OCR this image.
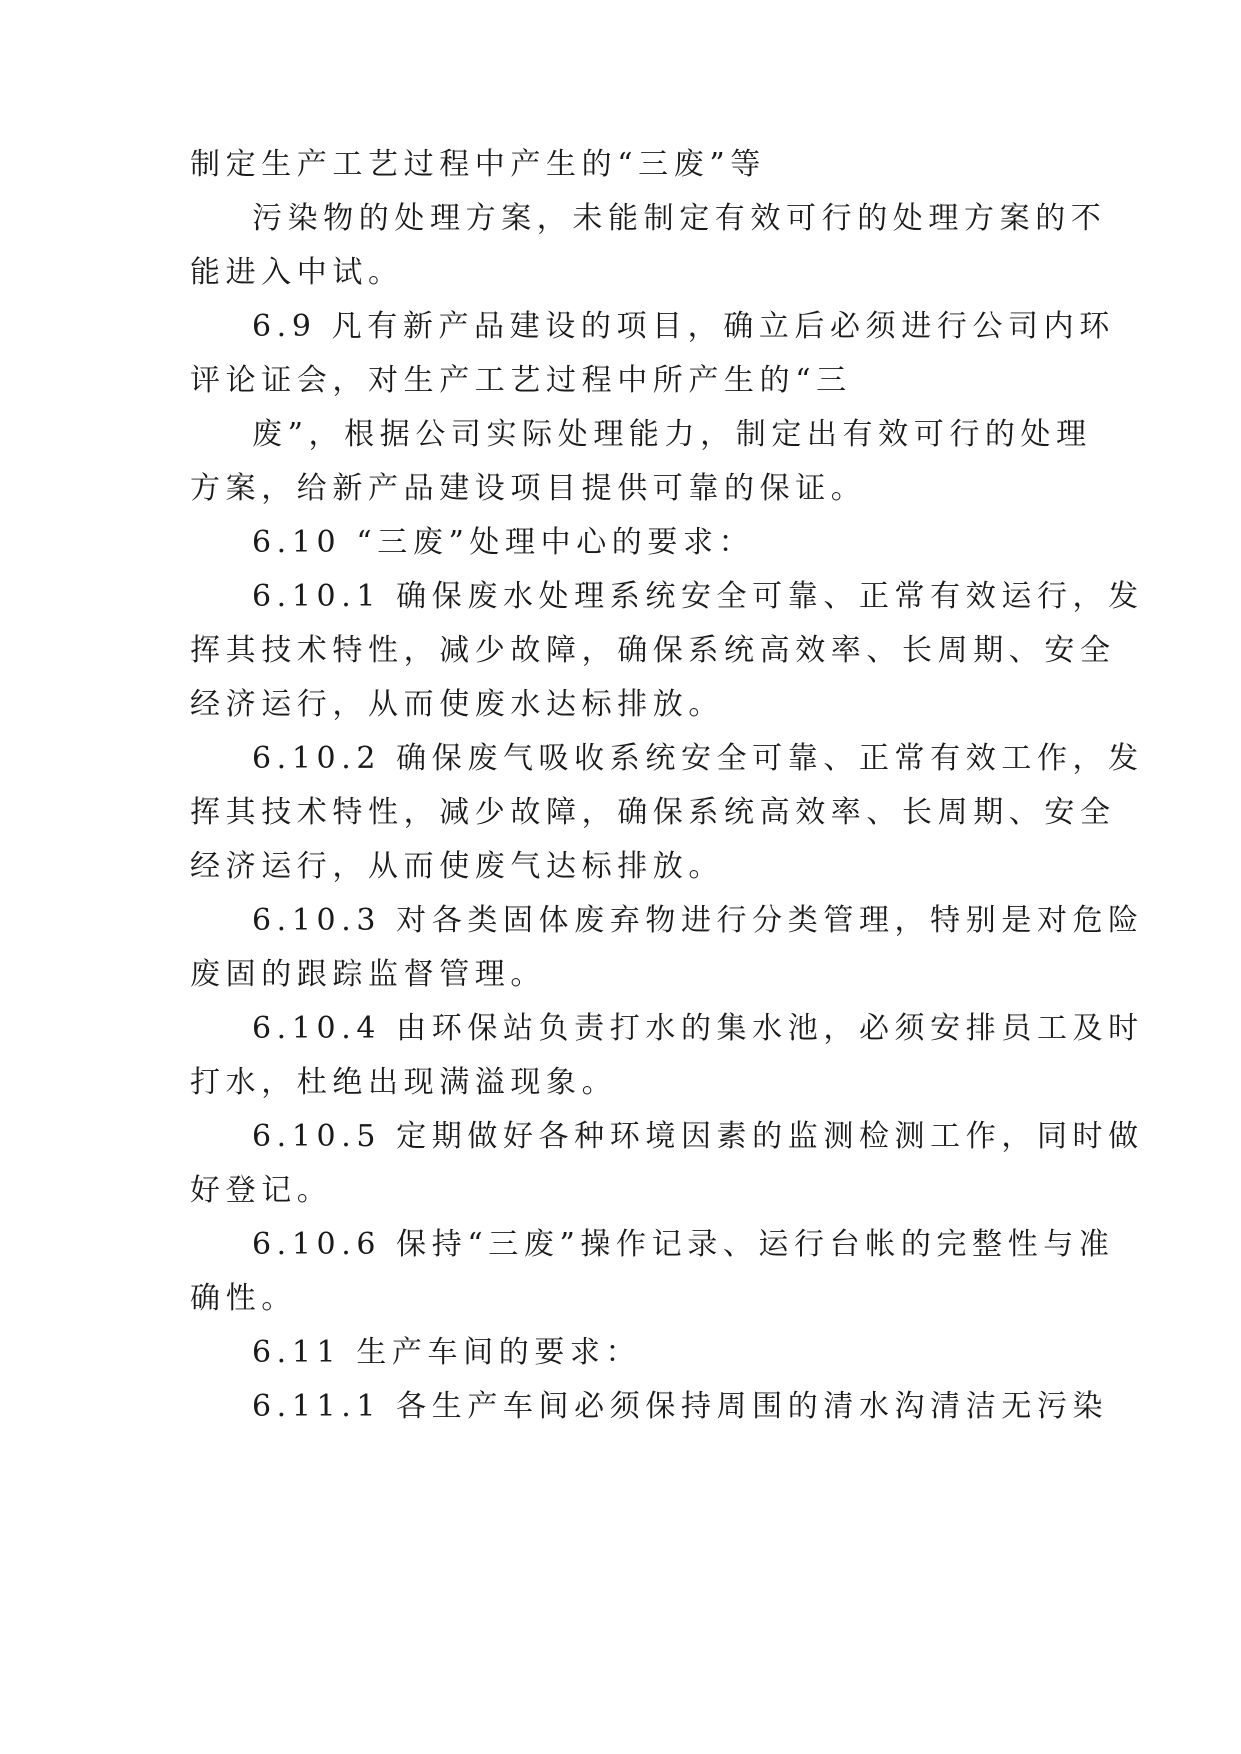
制定生产工艺过程中产生的“三废”等
污染物的处理方案，未能制定有效可行的处理方案的不
能进入中试。
6.9 凡有新产品建设的项目，确立后必须进行公司内环
评论证会，对生产工艺过程中所产生的“三
废”，根据公司实际处理能力，制定出有效可行的处理
方案，给新产品建设项目提供可靠的保证。
6.10 “三废”处理中心的要求：
6.10.1 确保废水处理系统安全可靠、正常有效运行，发
挥其技术特性，减少故障，确保系统高效率、长周期、安全
经济运行，从而使废水达标排放。
6.10.2 确保废气吸收系统安全可靠、正常有效工作，发
挥其技术特性，减少故障，确保系统高效率、长周期、安全
经济运行，从而使废气达标排放。
6.10.3 对各类固体废弃物进行分类管理，特别是对危险
废固的跟踪监督管理。
6.10.4 由环保站负责打水的集水池，必须安排员工及时
打水，杜绝出现满溢现象。
6.10.5 定期做好各种环境因素的监测检测工作，同时做
好登记。
6.10.6 保持“三废”操作记录、运行台帐的完整性与准
确性。
6.11 生产车间的要求：
6.11.1 各生产车间必须保持周围的清水沟清洁无污染
